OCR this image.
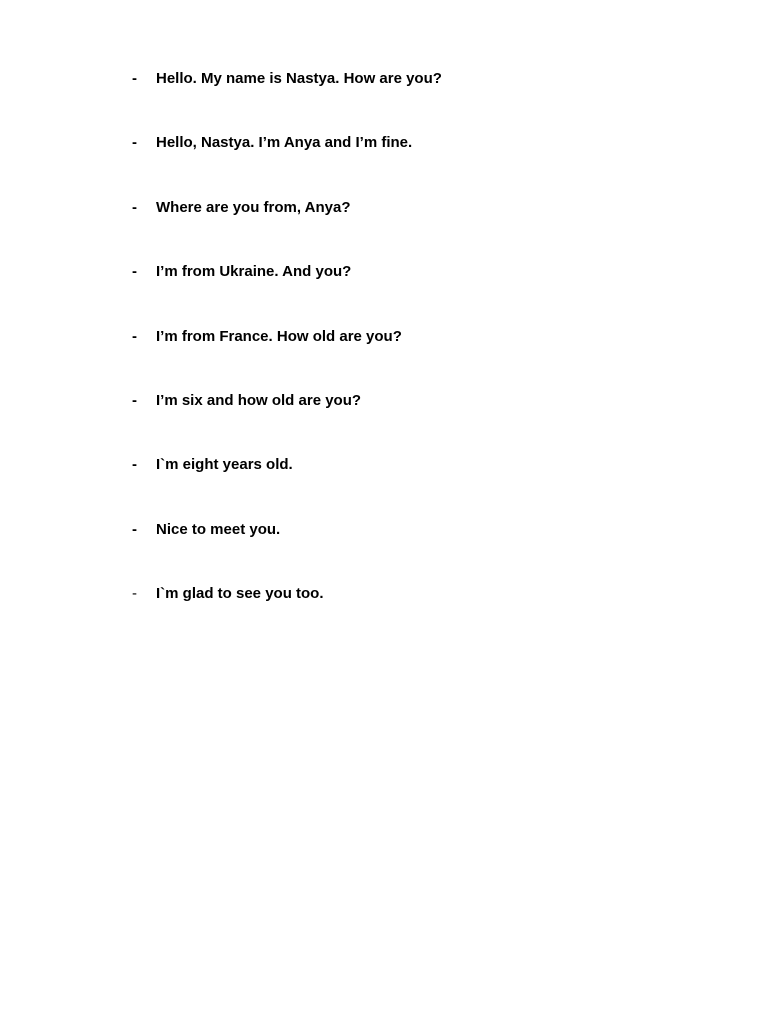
- Hello. My name is Nastya. How are you?
- Hello, Nastya. I’m Anya and I’m fine.
- Where are you from, Anya?
- I’m from Ukraine. And you?
- I’m from France. How old are you?
- I’m six and how old are you?
- I`m eight years old.
- Nice to meet you.
- I`m glad to see you too.
